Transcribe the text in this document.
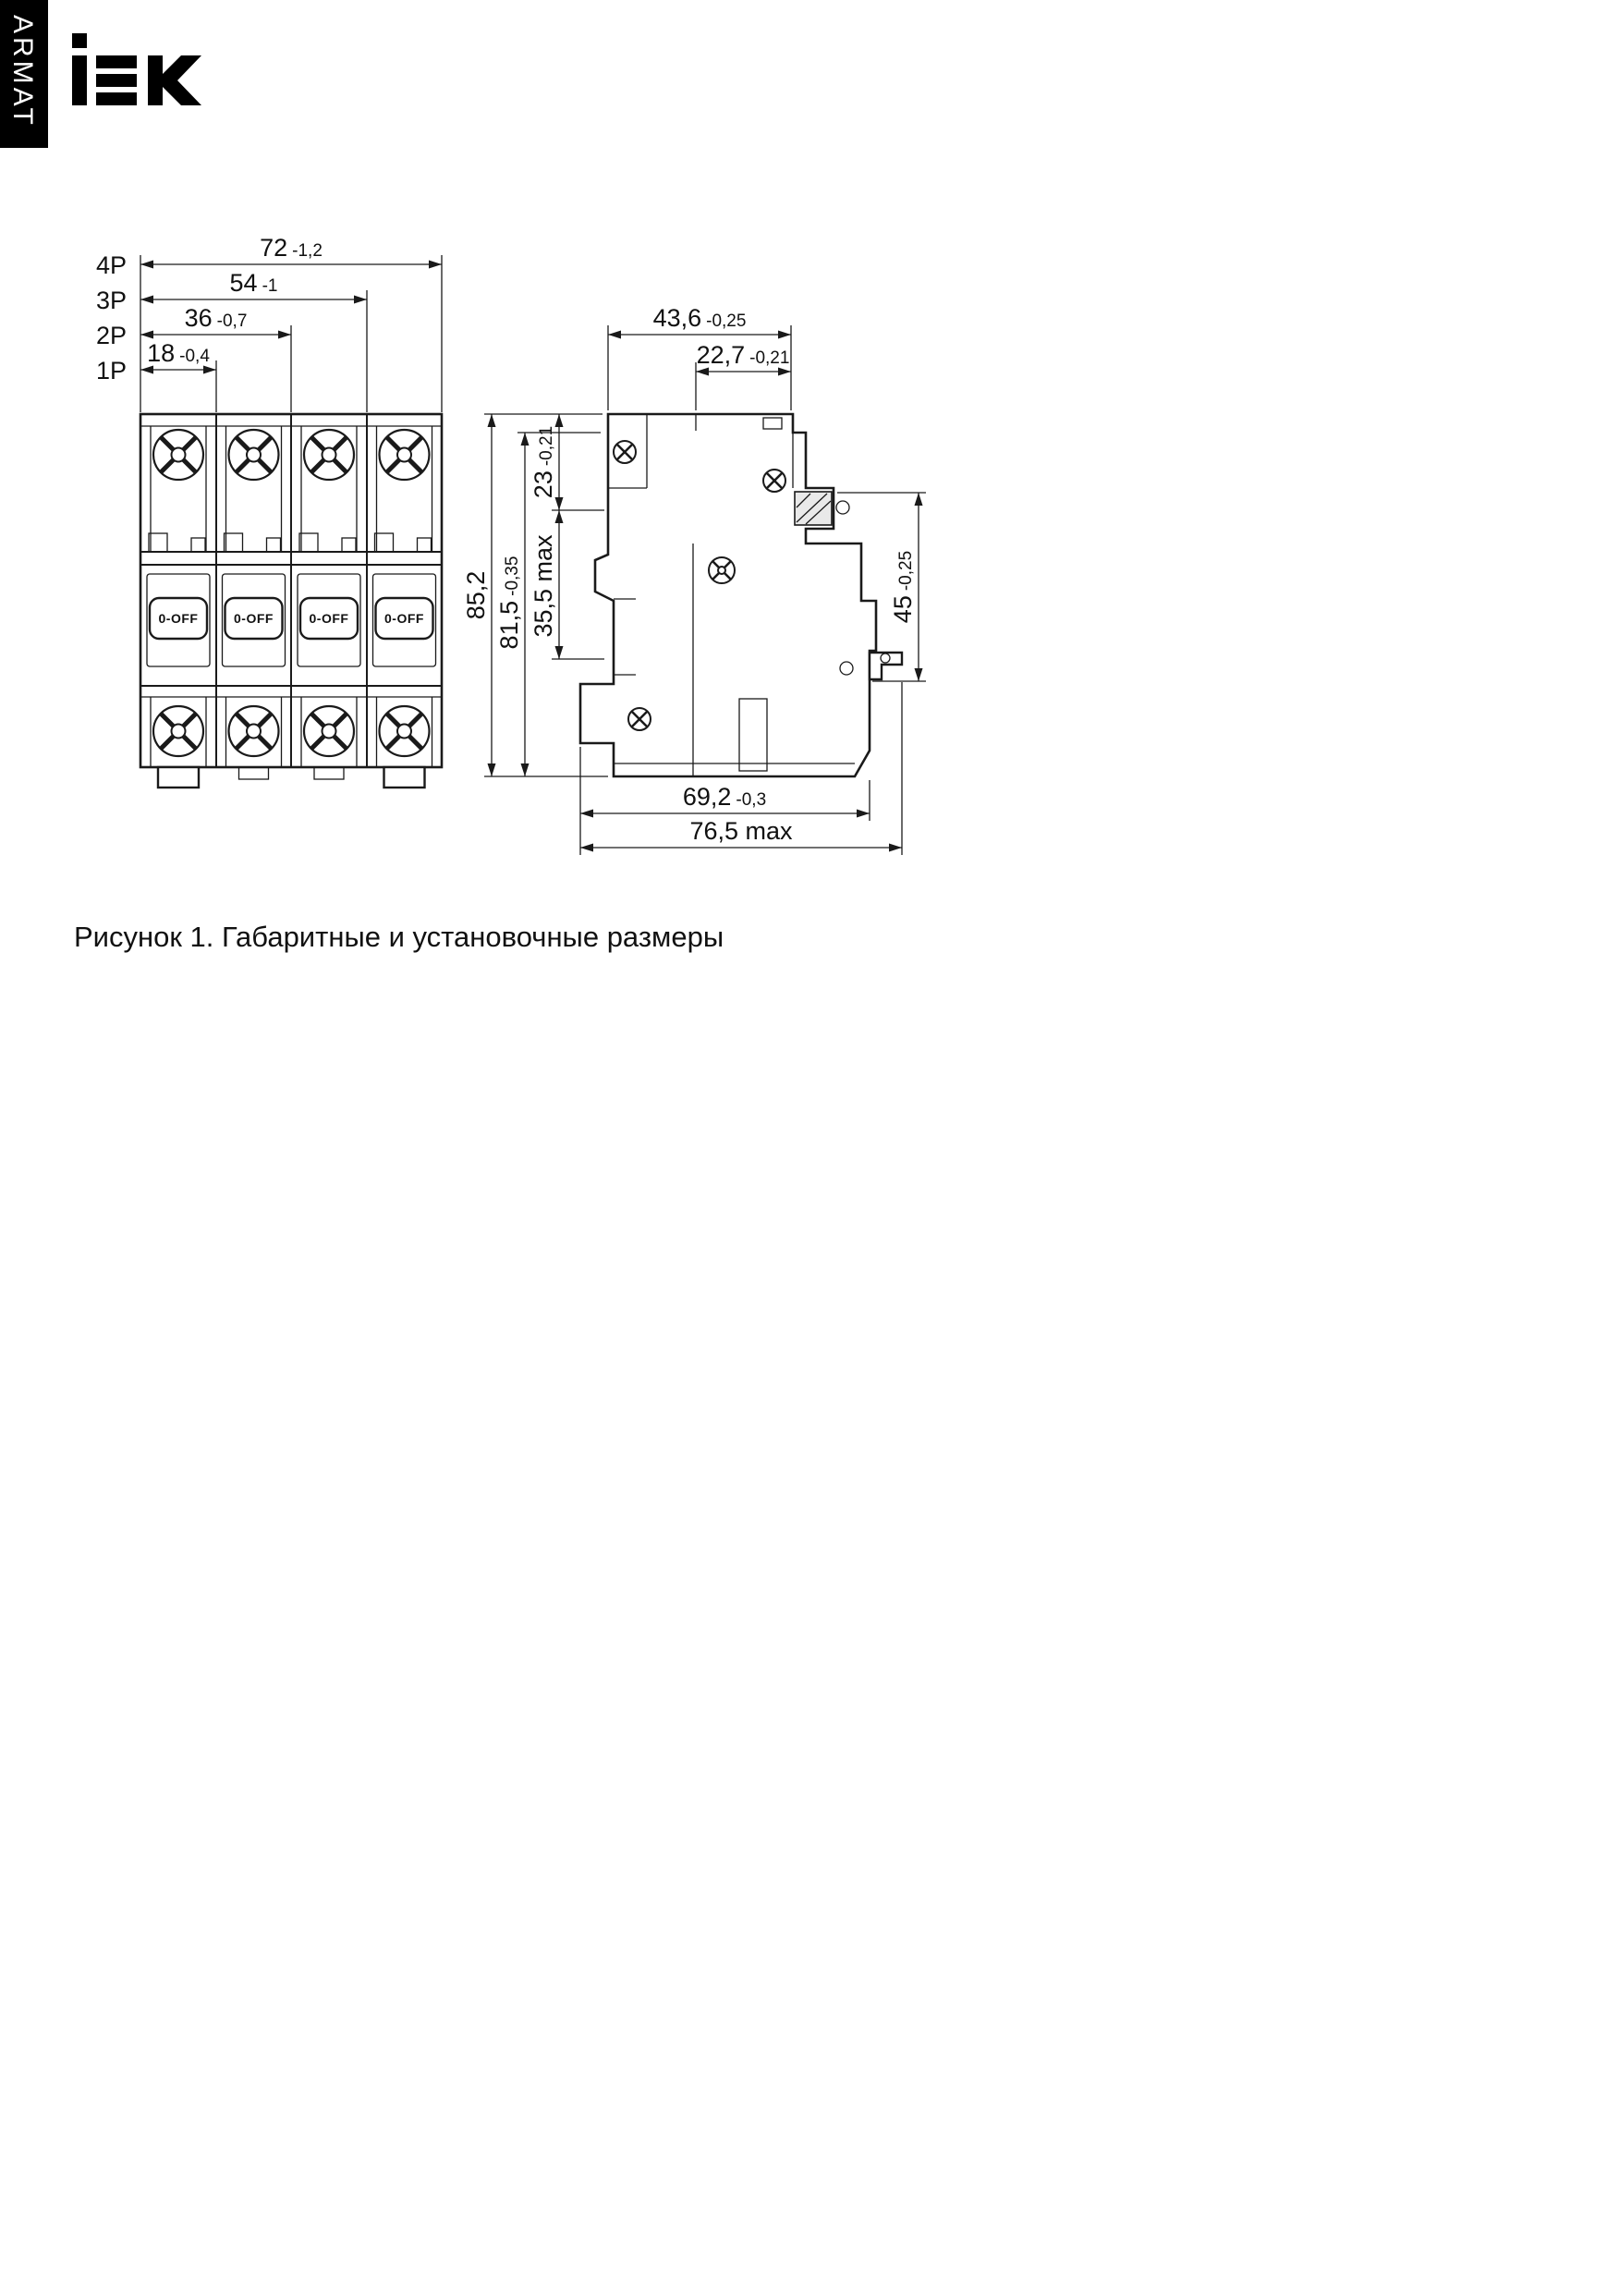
ARMAT
0-OFF	0-OFF	0-OFF	0-OFF
4P
3P
2P
1P
72 -1,2
54 -1
36 -0,7
18 -0,4
43,6 -0,25
22,7 -0,21
85,2
81,5-0,35
23-0,21
35,5 max	45-0,25
69,2 -0,3
76,5 max
Рисунок 1. Габаритные и установочные размеры
